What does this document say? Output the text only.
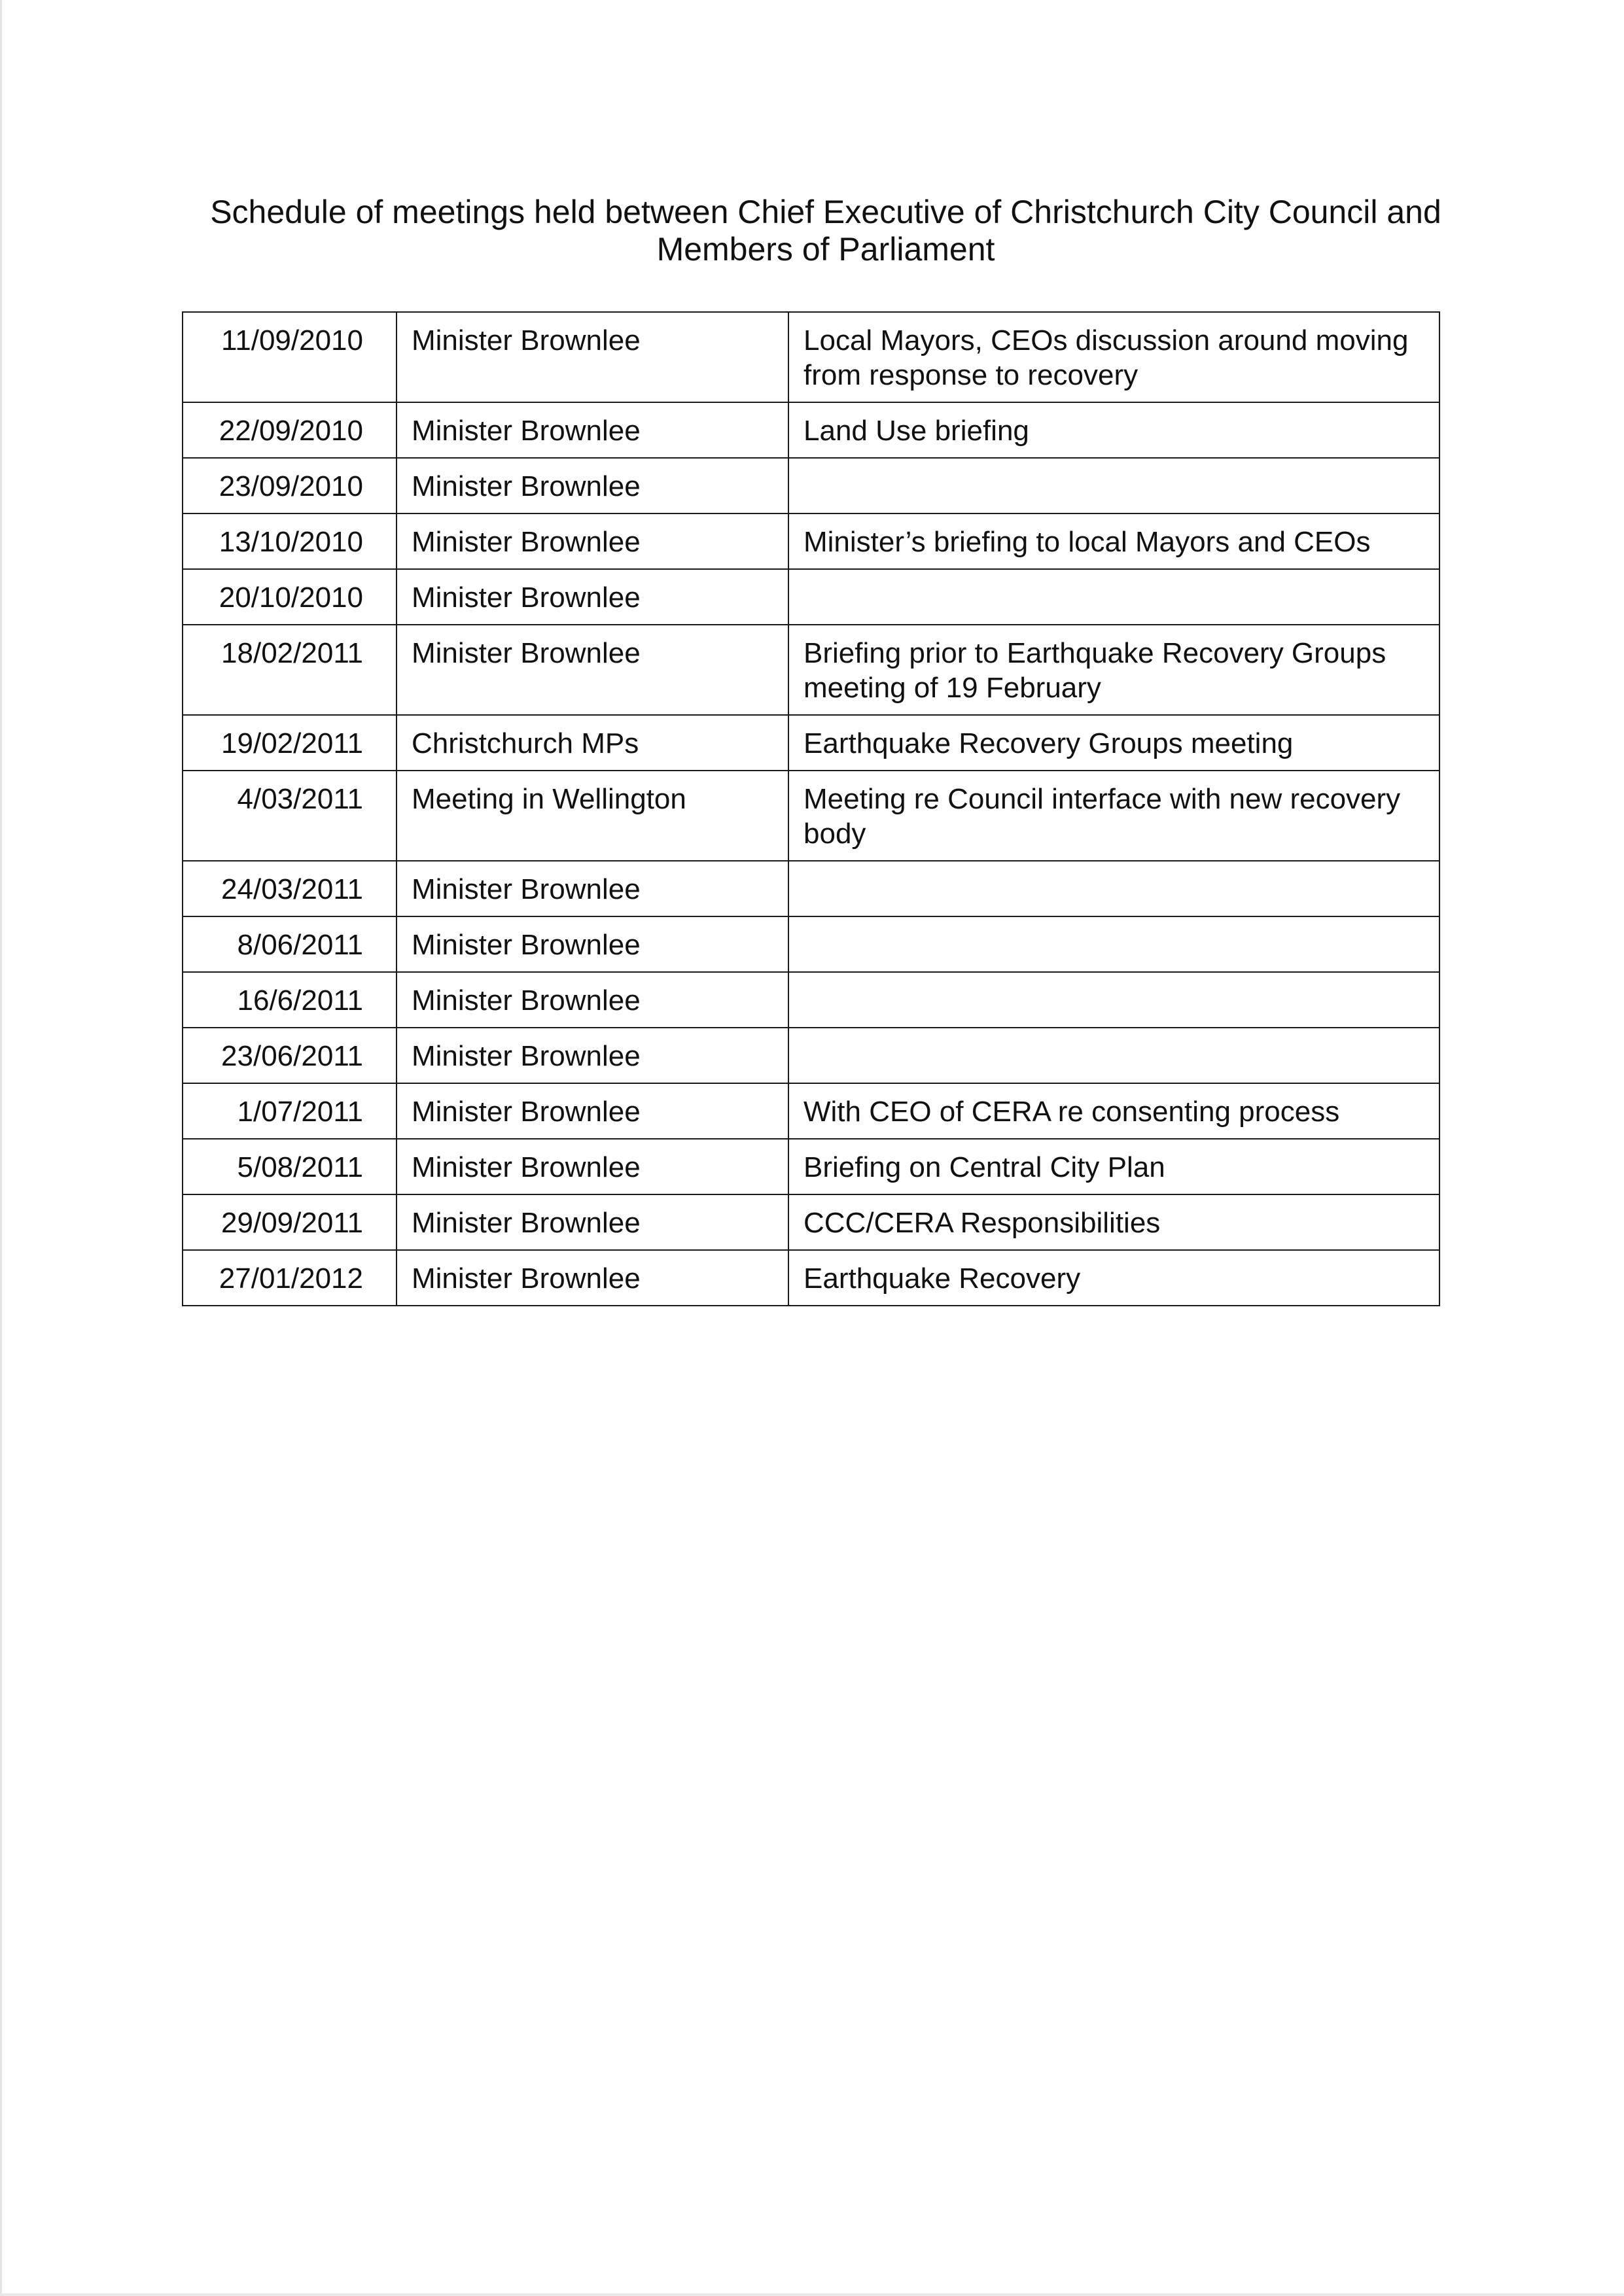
Schedule of meetings held between Chief Executive of Christchurch City Council and
Members of Parliament
11/09/2010	Minister Brownlee	Local Mayors, CEOs discussion around moving from response to recovery
22/09/2010	Minister Brownlee	Land Use briefing
23/09/2010	Minister Brownlee	
13/10/2010	Minister Brownlee	Minister’s briefing to local Mayors and CEOs
20/10/2010	Minister Brownlee	
18/02/2011	Minister Brownlee	Briefing prior to Earthquake Recovery Groups meeting of 19 February
19/02/2011	Christchurch MPs	Earthquake Recovery Groups meeting
4/03/2011	Meeting in Wellington	Meeting re Council interface with new recovery body
24/03/2011	Minister Brownlee	
8/06/2011	Minister Brownlee	
16/6/2011	Minister Brownlee	
23/06/2011	Minister Brownlee	
1/07/2011	Minister Brownlee	With CEO of CERA re consenting process
5/08/2011	Minister Brownlee	Briefing on Central City Plan
29/09/2011	Minister Brownlee	CCC/CERA Responsibilities
27/01/2012	Minister Brownlee	Earthquake Recovery
